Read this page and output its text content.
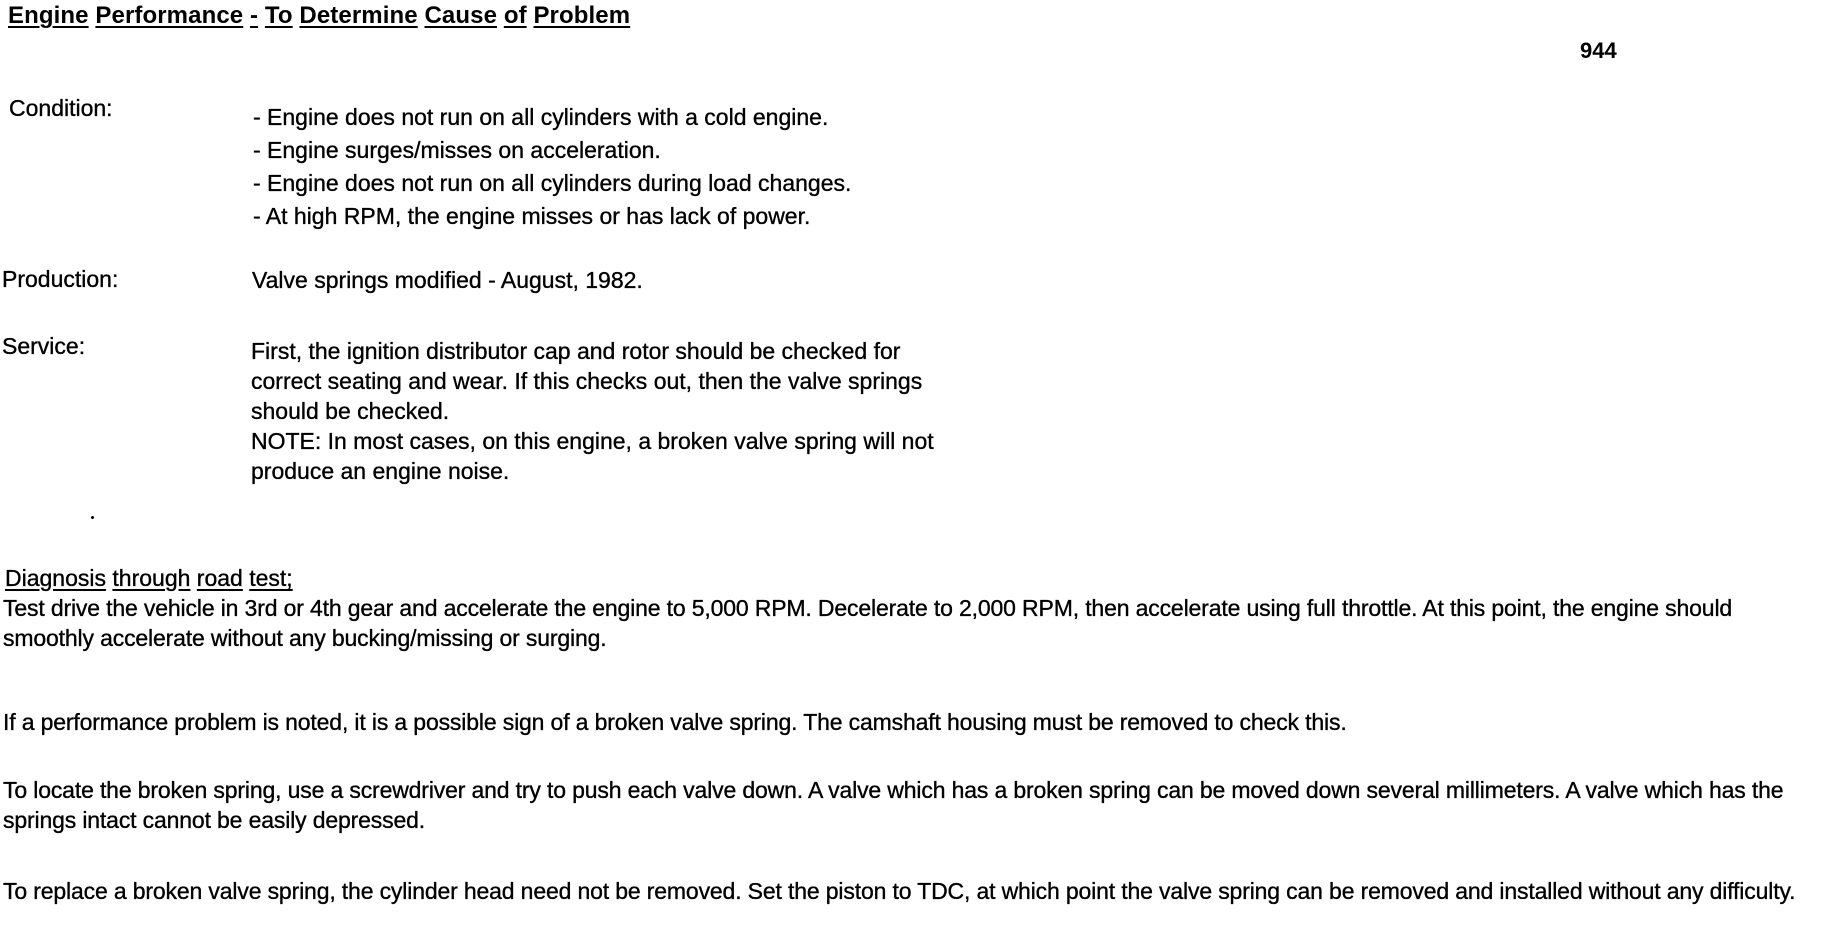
Engine Performance - To Determine Cause of Problem
944
Condition:	- Engine does not run on all cylinders with a cold engine.
- Engine surges/misses on acceleration.
- Engine does not run on all cylinders during load changes.
- At high RPM, the engine misses or has lack of power.
Production:	Valve springs modified - August, 1982.
Service:	First, the ignition distributor cap and rotor should be checked for
correct seating and wear. If this checks out, then the valve springs
should be checked.
NOTE: In most cases, on this engine, a broken valve spring will not
produce an engine noise.
Diagnosis through road test;
Test drive the vehicle in 3rd or 4th gear and accelerate the engine to 5,000 RPM. Decelerate to 2,000 RPM, then accelerate using full throttle. At this point, the engine should smoothly accelerate without any bucking/missing or surging.
If a performance problem is noted, it is a possible sign of a broken valve spring. The camshaft housing must be removed to check this.
To locate the broken spring, use a screwdriver and try to push each valve down. A valve which has a broken spring can be moved down several millimeters. A valve which has the springs intact cannot be easily depressed.
To replace a broken valve spring, the cylinder head need not be removed. Set the piston to TDC, at which point the valve spring can be removed and installed without any difficulty.
